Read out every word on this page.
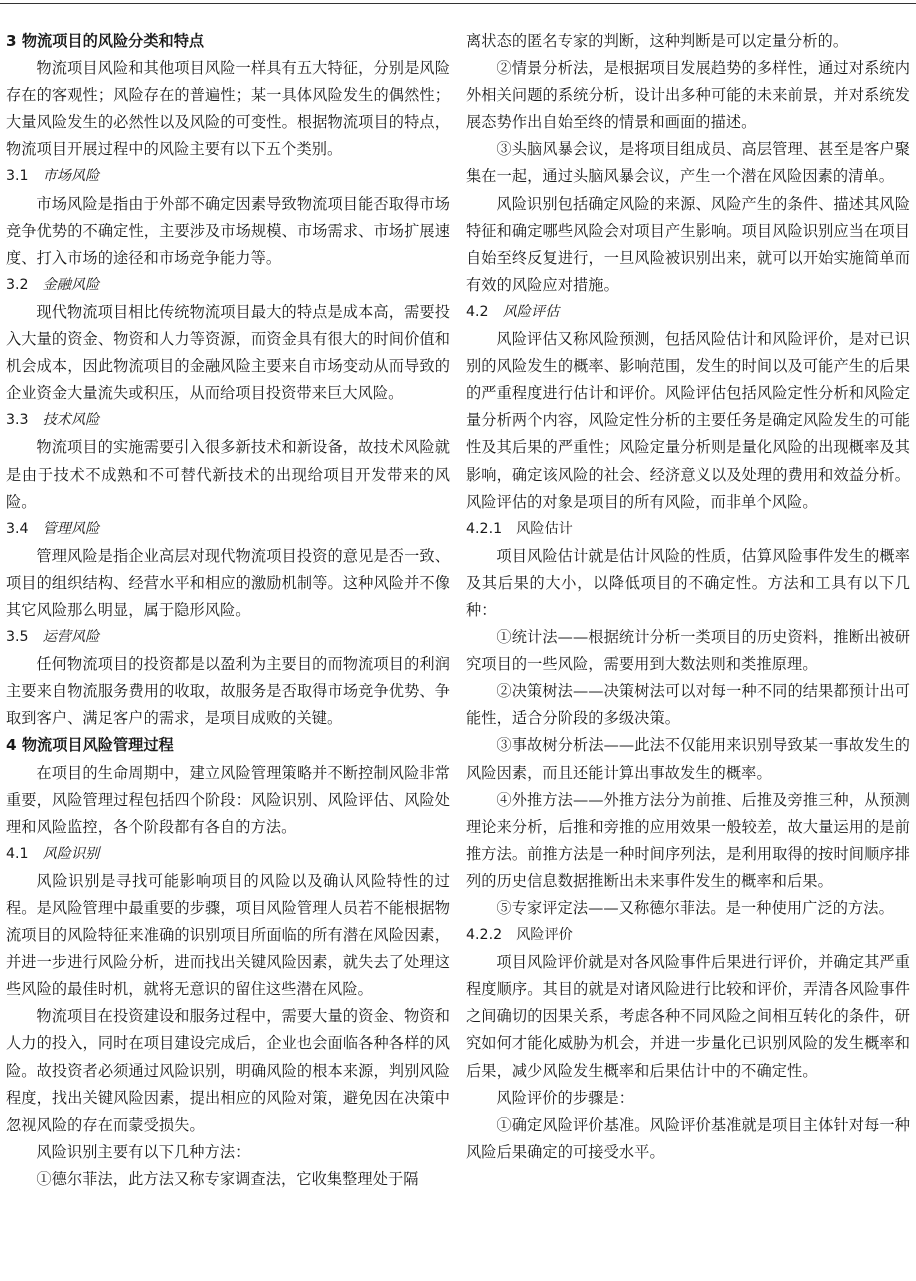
3 物流项目的风险分类和特点

物流项目风险和其他项目风险一样具有五大特征，分别是风险存在的客观性；风险存在的普遍性；某一具体风险发生的偶然性；大量风险发生的必然性以及风险的可变性。根据物流项目的特点，物流项目开展过程中的风险主要有以下五个类别。

3.1 市场风险

市场风险是指由于外部不确定因素导致物流项目能否取得市场竞争优势的不确定性，主要涉及市场规模、市场需求、市场扩展速度、打入市场的途径和市场竞争能力等。

3.2 金融风险

现代物流项目相比传统物流项目最大的特点是成本高，需要投入大量的资金、物资和人力等资源，而资金具有很大的时间价值和机会成本，因此物流项目的金融风险主要来自市场变动从而导致的企业资金大量流失或积压，从而给项目投资带来巨大风险。

3.3 技术风险

物流项目的实施需要引入很多新技术和新设备，故技术风险就是由于技术不成熟和不可替代新技术的出现给项目开发带来的风险。

3.4 管理风险

管理风险是指企业高层对现代物流项目投资的意见是否一致、项目的组织结构、经营水平和相应的激励机制等。这种风险并不像其它风险那么明显，属于隐形风险。

3.5 运营风险

任何物流项目的投资都是以盈利为主要目的而物流项目的利润主要来自物流服务费用的收取，故服务是否取得市场竞争优势、争取到客户、满足客户的需求，是项目成败的关键。

4 物流项目风险管理过程

在项目的生命周期中，建立风险管理策略并不断控制风险非常重要，风险管理过程包括四个阶段：风险识别、风险评估、风险处理和风险监控，各个阶段都有各自的方法。

4.1 风险识别

风险识别是寻找可能影响项目的风险以及确认风险特性的过程。是风险管理中最重要的步骤，项目风险管理人员若不能根据物流项目的风险特征来准确的识别项目所面临的所有潜在风险因素，并进一步进行风险分析，进而找出关键风险因素，就失去了处理这些风险的最佳时机，就将无意识的留住这些潜在风险。

物流项目在投资建设和服务过程中，需要大量的资金、物资和人力的投入，同时在项目建设完成后，企业也会面临各种各样的风险。故投资者必须通过风险识别，明确风险的根本来源，判别风险程度，找出关键风险因素，提出相应的风险对策，避免因在决策中忽视风险的存在而蒙受损失。

风险识别主要有以下几种方法：

①德尔菲法，此方法又称专家调查法，它收集整理处于隔

离状态的匿名专家的判断，这种判断是可以定量分析的。

②情景分析法，是根据项目发展趋势的多样性，通过对系统内外相关问题的系统分析，设计出多种可能的未来前景，并对系统发展态势作出自始至终的情景和画面的描述。

③头脑风暴会议，是将项目组成员、高层管理、甚至是客户聚集在一起，通过头脑风暴会议，产生一个潜在风险因素的清单。

风险识别包括确定风险的来源、风险产生的条件、描述其风险特征和确定哪些风险会对项目产生影响。项目风险识别应当在项目自始至终反复进行，一旦风险被识别出来，就可以开始实施简单而有效的风险应对措施。

4.2 风险评估

风险评估又称风险预测，包括风险估计和风险评价，是对已识别的风险发生的概率、影响范围，发生的时间以及可能产生的后果的严重程度进行估计和评价。风险评估包括风险定性分析和风险定量分析两个内容，风险定性分析的主要任务是确定风险发生的可能性及其后果的严重性；风险定量分析则是量化风险的出现概率及其影响，确定该风险的社会、经济意义以及处理的费用和效益分析。风险评估的对象是项目的所有风险，而非单个风险。

4.2.1 风险估计

项目风险估计就是估计风险的性质，估算风险事件发生的概率及其后果的大小，以降低项目的不确定性。方法和工具有以下几种：

①统计法——根据统计分析一类项目的历史资料，推断出被研究项目的一些风险，需要用到大数法则和类推原理。

②决策树法——决策树法可以对每一种不同的结果都预计出可能性，适合分阶段的多级决策。

③事故树分析法——此法不仅能用来识别导致某一事故发生的风险因素，而且还能计算出事故发生的概率。

④外推方法——外推方法分为前推、后推及旁推三种，从预测理论来分析，后推和旁推的应用效果一般较差，故大量运用的是前推方法。前推方法是一种时间序列法，是利用取得的按时间顺序排列的历史信息数据推断出未来事件发生的概率和后果。

⑤专家评定法——又称德尔菲法。是一种使用广泛的方法。

4.2.2 风险评价

项目风险评价就是对各风险事件后果进行评价，并确定其严重程度顺序。其目的就是对诸风险进行比较和评价，弄清各风险事件之间确切的因果关系，考虑各种不同风险之间相互转化的条件，研究如何才能化威胁为机会，并进一步量化已识别风险的发生概率和后果，减少风险发生概率和后果估计中的不确定性。

风险评价的步骤是：

①确定风险评价基准。风险评价基准就是项目主体针对每一种风险后果确定的可接受水平。
